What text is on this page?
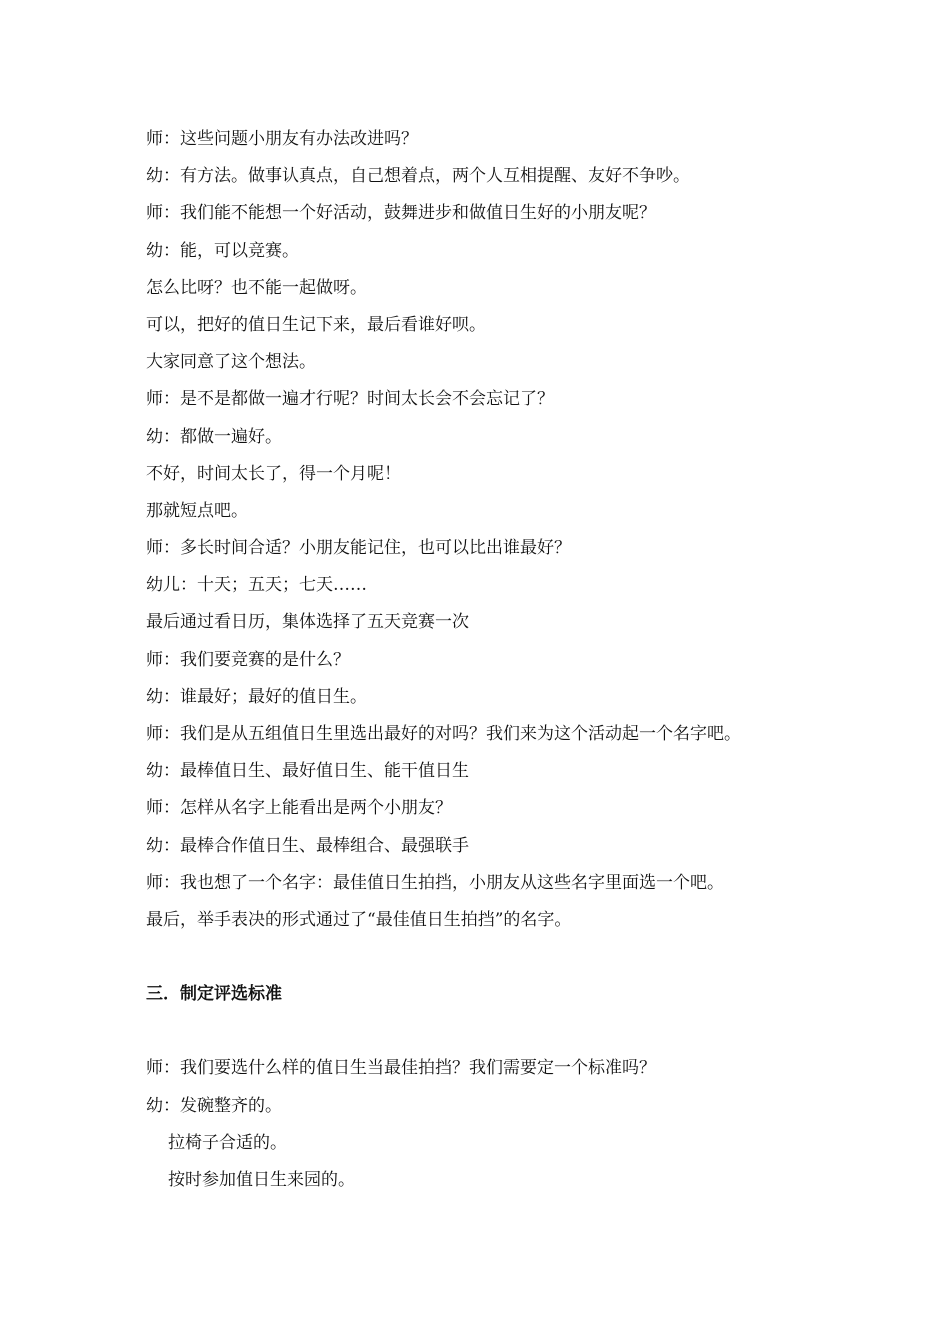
师：这些问题小朋友有办法改进吗？
幼：有方法。做事认真点，自己想着点，两个人互相提醒、友好不争吵。
师：我们能不能想一个好活动，鼓舞进步和做值日生好的小朋友呢？
幼：能，可以竞赛。
怎么比呀？也不能一起做呀。
可以，把好的值日生记下来，最后看谁好呗。
大家同意了这个想法。
师：是不是都做一遍才行呢？时间太长会不会忘记了？
幼：都做一遍好。
不好，时间太长了，得一个月呢！
那就短点吧。
师：多长时间合适？小朋友能记住，也可以比出谁最好？
幼儿：十天；五天；七天……
最后通过看日历，集体选择了五天竞赛一次
师：我们要竞赛的是什么？
幼：谁最好；最好的值日生。
师：我们是从五组值日生里选出最好的对吗？我们来为这个活动起一个名字吧。
幼：最棒值日生、最好值日生、能干值日生
师：怎样从名字上能看出是两个小朋友？
幼：最棒合作值日生、最棒组合、最强联手
师：我也想了一个名字：最佳值日生拍挡，小朋友从这些名字里面选一个吧。
最后，举手表决的形式通过了“最佳值日生拍挡”的名字。
三．制定评选标准
师：我们要选什么样的值日生当最佳拍挡？我们需要定一个标准吗？
幼：发碗整齐的。
拉椅子合适的。
按时参加值日生来园的。
